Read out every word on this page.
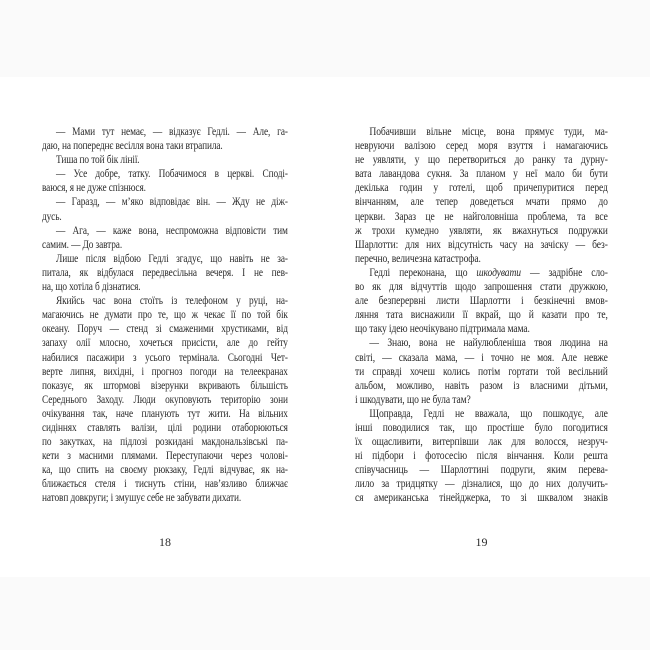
— Мами тут немає, — відказує Гедлі. — Але, га-
даю, на попереднє весілля вона таки втрапила.
Тиша по той бік лінії.
— Усе добре, татку. Побачимося в церкві. Споді-
ваюся, я не дуже спізнюся.
— Гаразд, — м’яко відповідає він. — Жду не діж-
дусь.
— Ага, — каже вона, неспроможна відповісти тим
самим. — До завтра.
Лише після відбою Гедлі згадує, що навіть не за-
питала, як відбулася передвесільна вечеря. І не пев-
на, що хотіла б дізнатися.
Якийсь час вона стоїть із телефоном у руці, на-
магаючись не думати про те, що ж чекає її по той бік
океану. Поруч — стенд зі смаженими хрустиками, від
запаху олії млосно, хочеться присісти, але до гейту
набилися пасажири з усього термінала. Сьогодні Чет-
верте липня, вихідні, і прогноз погоди на телеекранах
показує, як штормові візерунки вкривають більшість
Середнього Заходу. Люди окуповують територію зони
очікування так, наче планують тут жити. На вільних
сидіннях ставлять валізи, цілі родини отаборюються
по закутках, на підлозі розкидані макдональзівські па-
кети з масними плямами. Переступаючи через чолові-
ка, що спить на своєму рюкзаку, Гедлі відчуває, як на-
ближається стеля і тиснуть стіни, нав’язливо ближчає
натовп довкруги; і змушує себе не забувати дихати.
18
Побачивши вільне місце, вона прямує туди, ма-
невруючи валізою серед моря взуття і намагаючись
не уявляти, у що перетвориться до ранку та дурну-
вата лавандова сукня. За планом у неї мало би бути
декілька годин у готелі, щоб причепуритися перед
вінчанням, але тепер доведеться мчати прямо до
церкви. Зараз це не найголовніша проблема, та все
ж трохи кумедно уявляти, як вжахнуться подружки
Шарлотти: для них відсутність часу на зачіску — без-
перечно, величезна катастрофа.
Гедлі переконана, що шкодувати — задрібне сло-
во як для відчуттів щодо запрошення стати дружкою,
але безперервні листи Шарлотти і безкінечні вмов-
ляння тата виснажили її вкрай, що й казати про те,
що таку ідею неочікувано підтримала мама.
— Знаю, вона не найулюбленіша твоя людина на
світі, — сказала мама, — і точно не моя. Але невже
ти справді хочеш колись потім гортати той весільний
альбом, можливо, навіть разом із власними дітьми,
і шкодувати, що не була там?
Щоправда, Гедлі не вважала, що пошкодує, але
інші поводилися так, що простіше було погодитися
їх ощасливити, витерпівши лак для волосся, незруч-
ні підбори і фотосесію після вінчання. Коли решта
співучасниць — Шарлоттині подруги, яким перева-
лило за тридцятку — дізналися, що до них долучить-
ся американська тінейджерка, то зі шквалом знаків
19
